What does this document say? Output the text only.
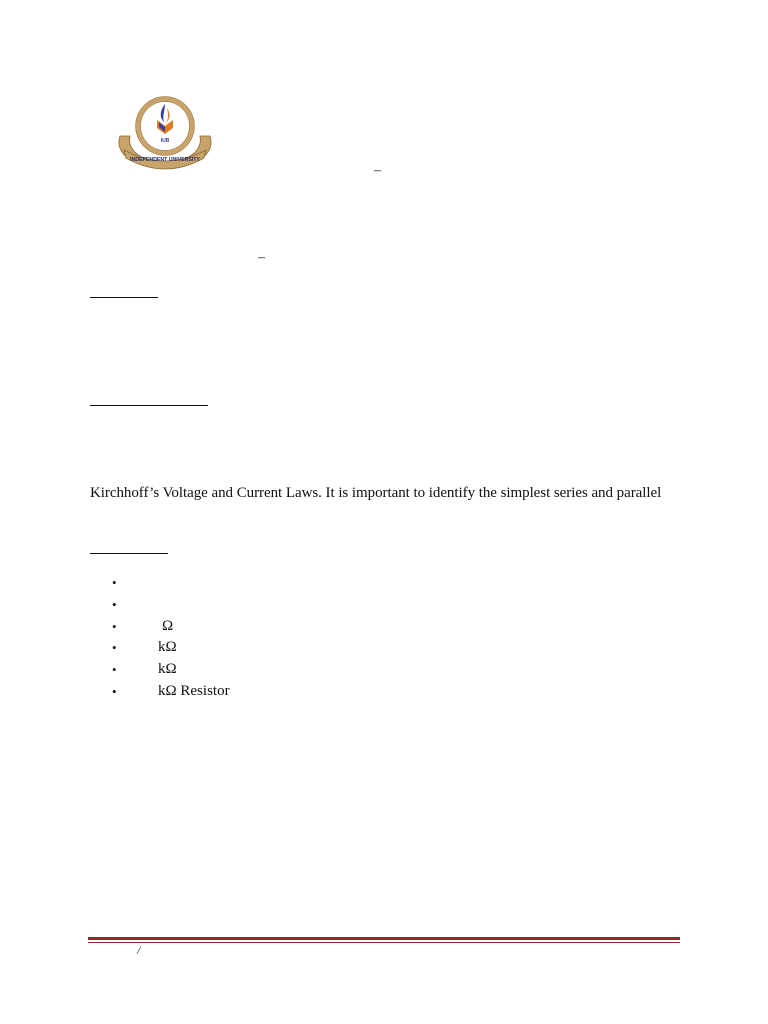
IUB
INDEPENDENT UNIVERSITY
–
–
Kirchhoff’s Voltage and Current Laws. It is important to identify the simplest series and parallel
•
•
•	Ω
•	kΩ
•	kΩ
•	kΩ Resistor
/
